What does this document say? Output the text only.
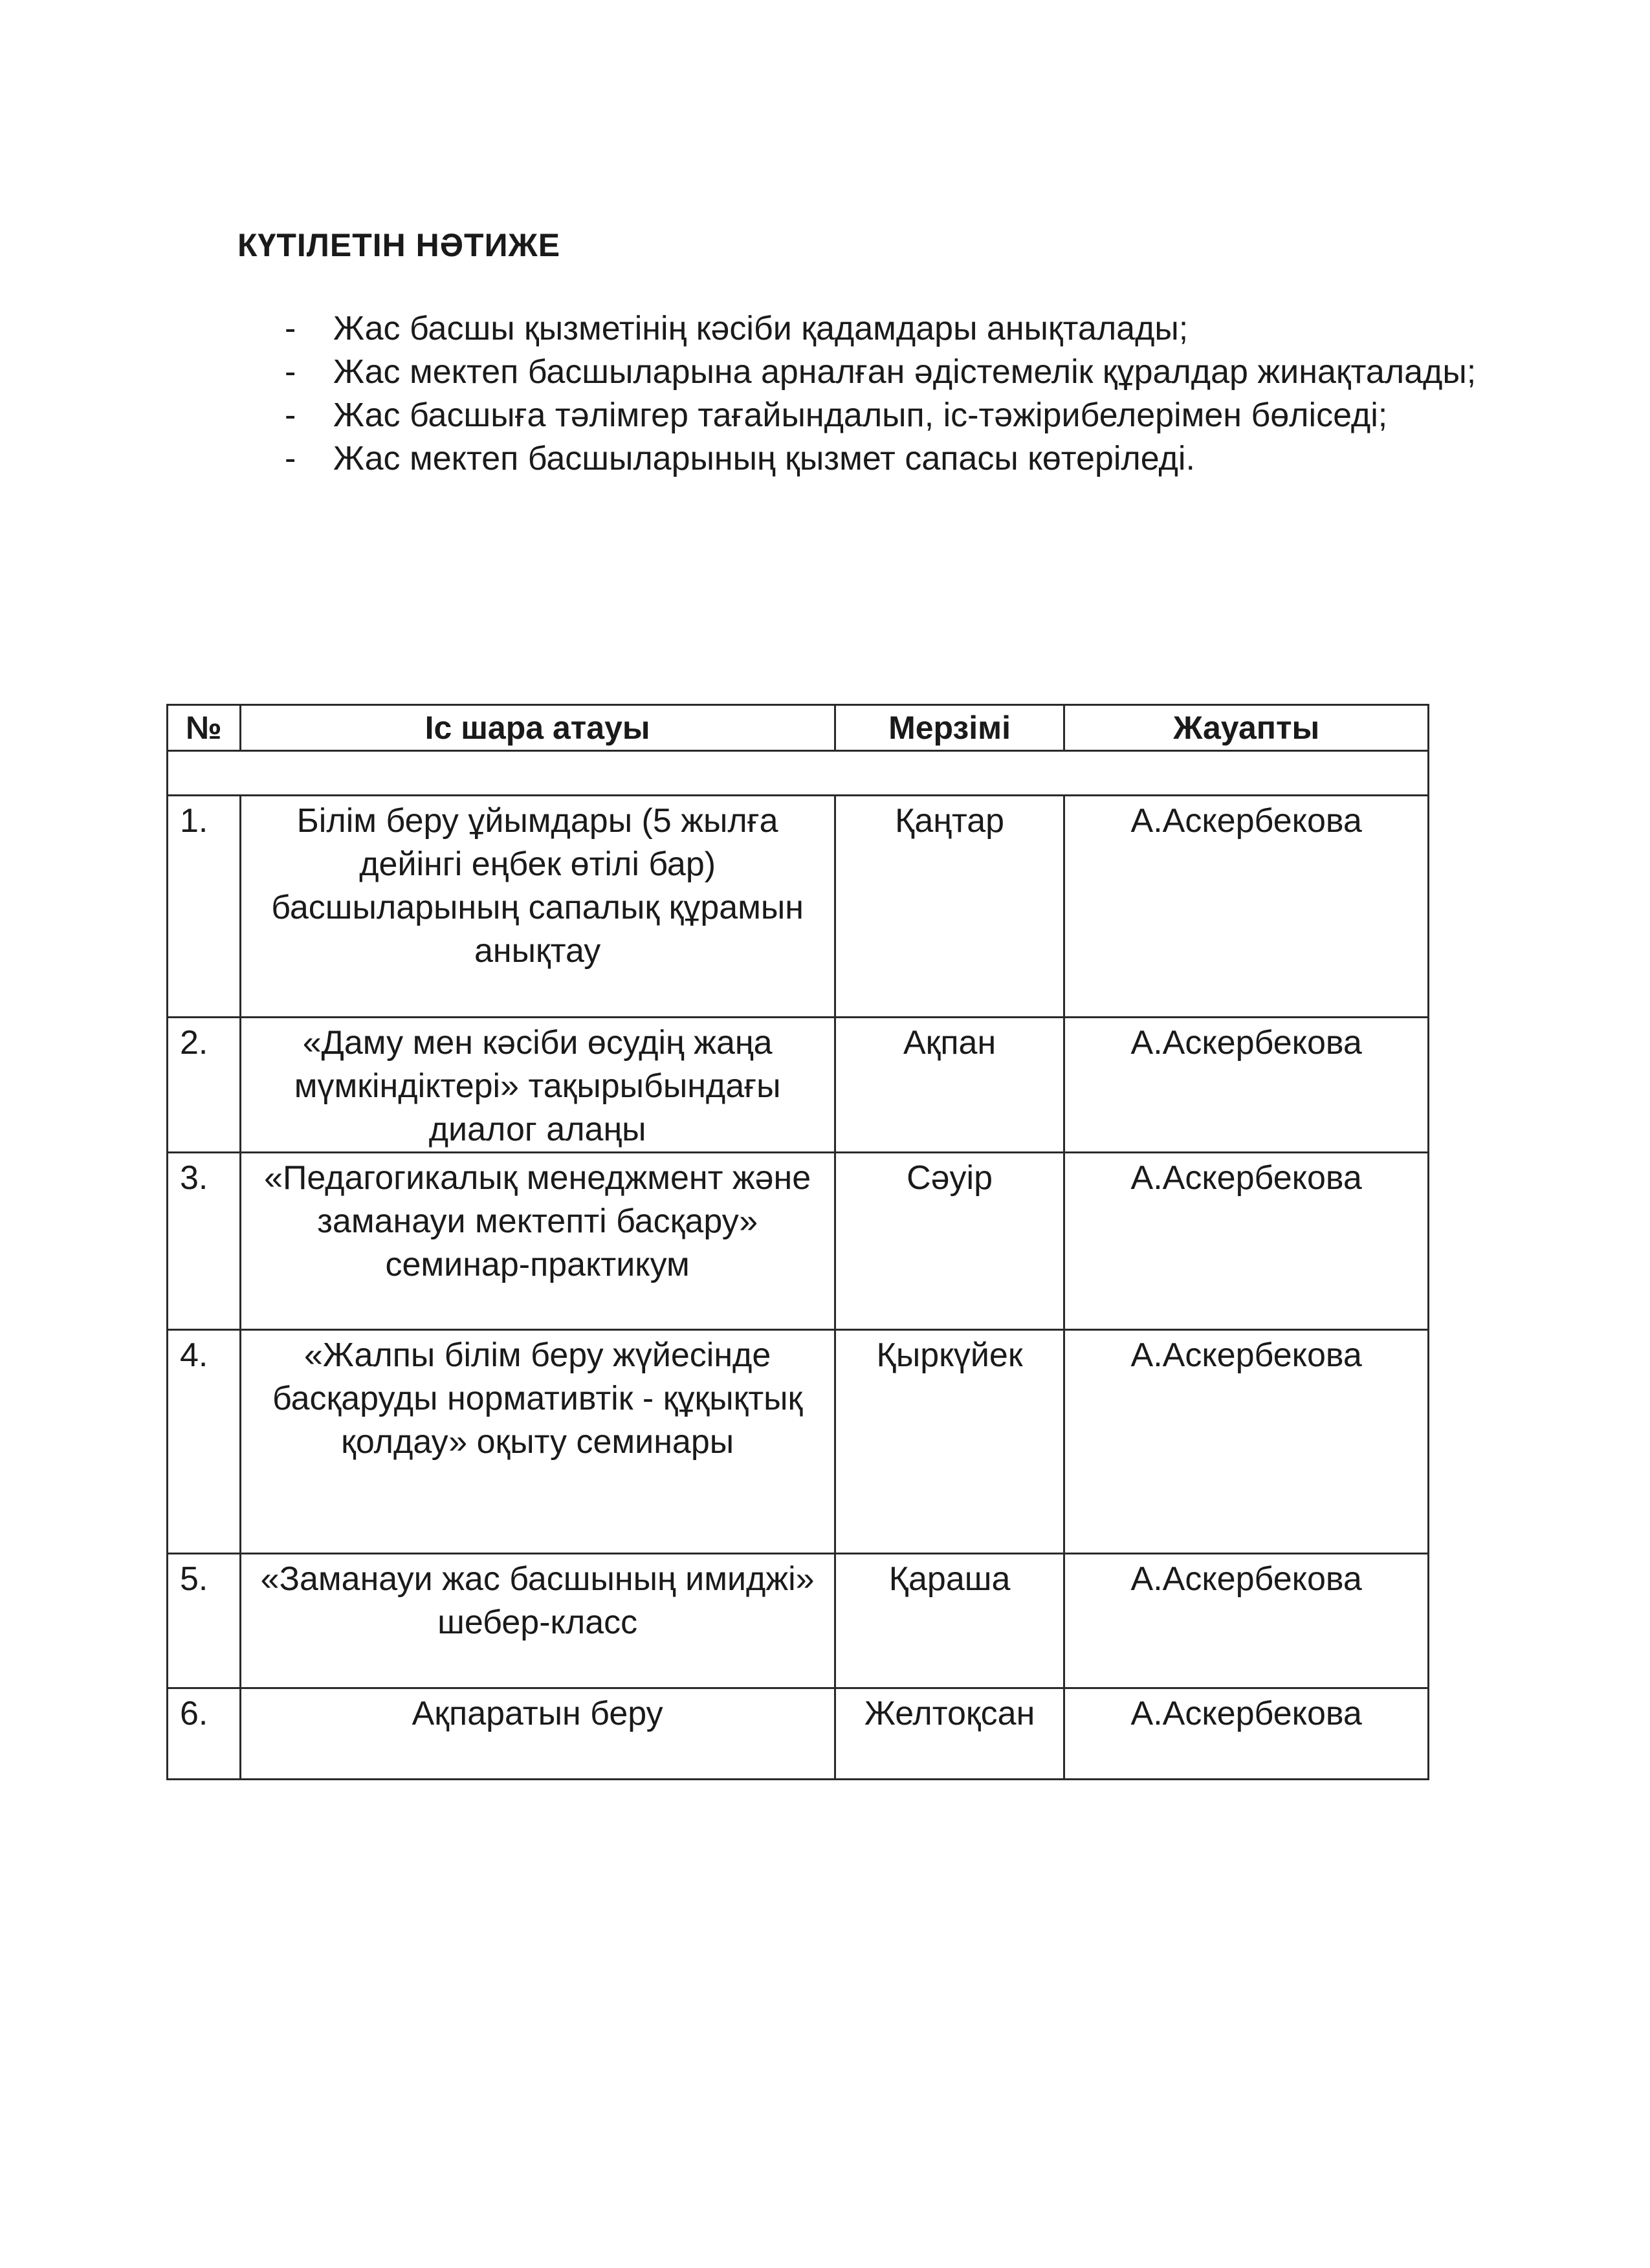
КҮТІЛЕТІН НӘТИЖЕ
- Жас басшы қызметінің кәсіби қадамдары анықталады;
- Жас мектеп басшыларына арналған әдістемелік құралдар жинақталады;
- Жас басшыға тәлімгер тағайындалып, іс-тәжірибелерімен бөліседі;
- Жас мектеп басшыларының қызмет сапасы көтеріледі.
№	Іс шара атауы	Мерзімі	Жауапты

1.	Білім беру ұйымдары (5 жылға дейінгі еңбек өтілі бар) басшыларының сапалық құрамын анықтау	Қаңтар	А.Аскербекова
2.	«Даму мен кәсіби өсудің жаңа мүмкіндіктері» тақырыбындағы диалог алаңы	Ақпан	А.Аскербекова
3.	«Педагогикалық менеджмент және заманауи мектепті басқару» семинар-практикум	Сәуір	А.Аскербекова
4.	«Жалпы білім беру жүйесінде басқаруды нормативтік - құқықтық қолдау» оқыту семинары	Қыркүйек	А.Аскербекова
5.	«Заманауи жас басшының имиджі» шебер-класс	Қараша	А.Аскербекова
6.	Ақпаратын беру	Желтоқсан	А.Аскербекова
